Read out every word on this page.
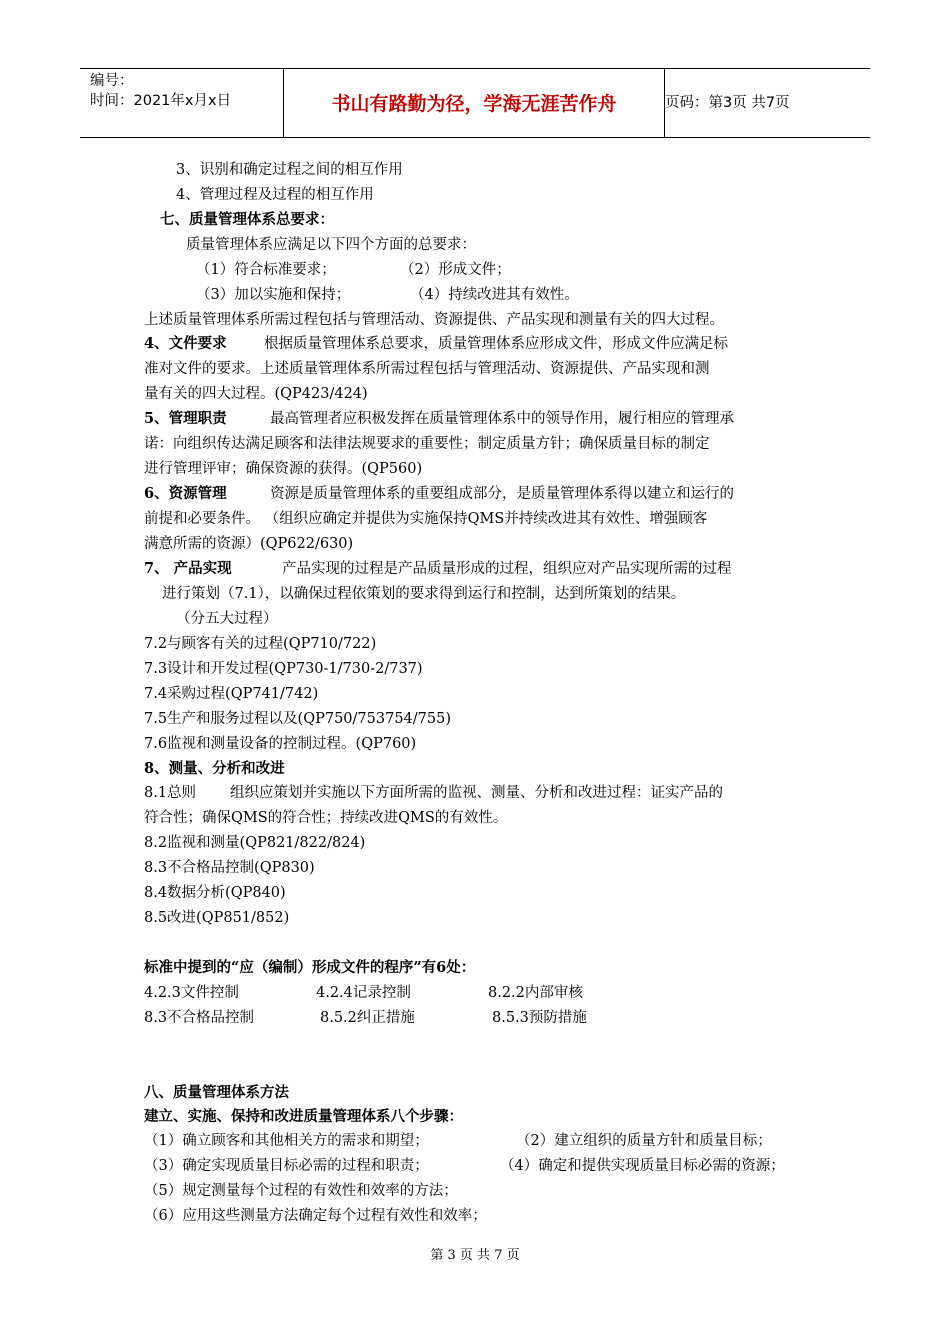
编号：
时间：2021年x月x日	书山有路勤为径，学海无涯苦作舟	页码：第3页 共7页
3、识别和确定过程之间的相互作用
4、管理过程及过程的相互作用
七、质量管理体系总要求：
质量管理体系应满足以下四个方面的总要求：
（1）符合标准要求；	（2）形成文件；
（3）加以实施和保持；	（4）持续改进其有效性。
上述质量管理体系所需过程包括与管理活动、资源提供、产品实现和测量有关的四大过程。
4、文件要求	根据质量管理体系总要求，质量管理体系应形成文件，形成文件应满足标
准对文件的要求。上述质量管理体系所需过程包括与管理活动、资源提供、产品实现和测
量有关的四大过程。(QP423/424)
5、管理职责	最高管理者应积极发挥在质量管理体系中的领导作用，履行相应的管理承
诺：向组织传达满足顾客和法律法规要求的重要性；制定质量方针；确保质量目标的制定
进行管理评审；确保资源的获得。(QP560)
6、资源管理	资源是质量管理体系的重要组成部分，是质量管理体系得以建立和运行的
前提和必要条件。 （组织应确定并提供为实施保持QMS并持续改进其有效性、增强顾客
满意所需的资源）(QP622/630)
7、 产品实现	产品实现的过程是产品质量形成的过程，组织应对产品实现所需的过程
进行策划（7.1），以确保过程依策划的要求得到运行和控制，达到所策划的结果。
（分五大过程）
7.2与顾客有关的过程(QP710/722)
7.3设计和开发过程(QP730-1/730-2/737)
7.4采购过程(QP741/742)
7.5生产和服务过程以及(QP750/753754/755)
7.6监视和测量设备的控制过程。(QP760)
8、测量、分析和改进
8.1总则 组织应策划并实施以下方面所需的监视、测量、分析和改进过程：证实产品的
符合性；确保QMS的符合性；持续改进QMS的有效性。
8.2监视和测量(QP821/822/824)
8.3不合格品控制(QP830)
8.4数据分析(QP840)
8.5改进(QP851/852)
标准中提到的“应（编制）形成文件的程序”有6处：
4.2.3文件控制	4.2.4记录控制	8.2.2内部审核
8.3不合格品控制	8.5.2纠正措施	8.5.3预防措施
八、质量管理体系方法
建立、实施、保持和改进质量管理体系八个步骤：
（1）确立顾客和其他相关方的需求和期望；	（2）建立组织的质量方针和质量目标；
（3）确定实现质量目标必需的过程和职责；	（4）确定和提供实现质量目标必需的资源；
（5）规定测量每个过程的有效性和效率的方法；
（6）应用这些测量方法确定每个过程有效性和效率；
第 3 页 共 7 页
